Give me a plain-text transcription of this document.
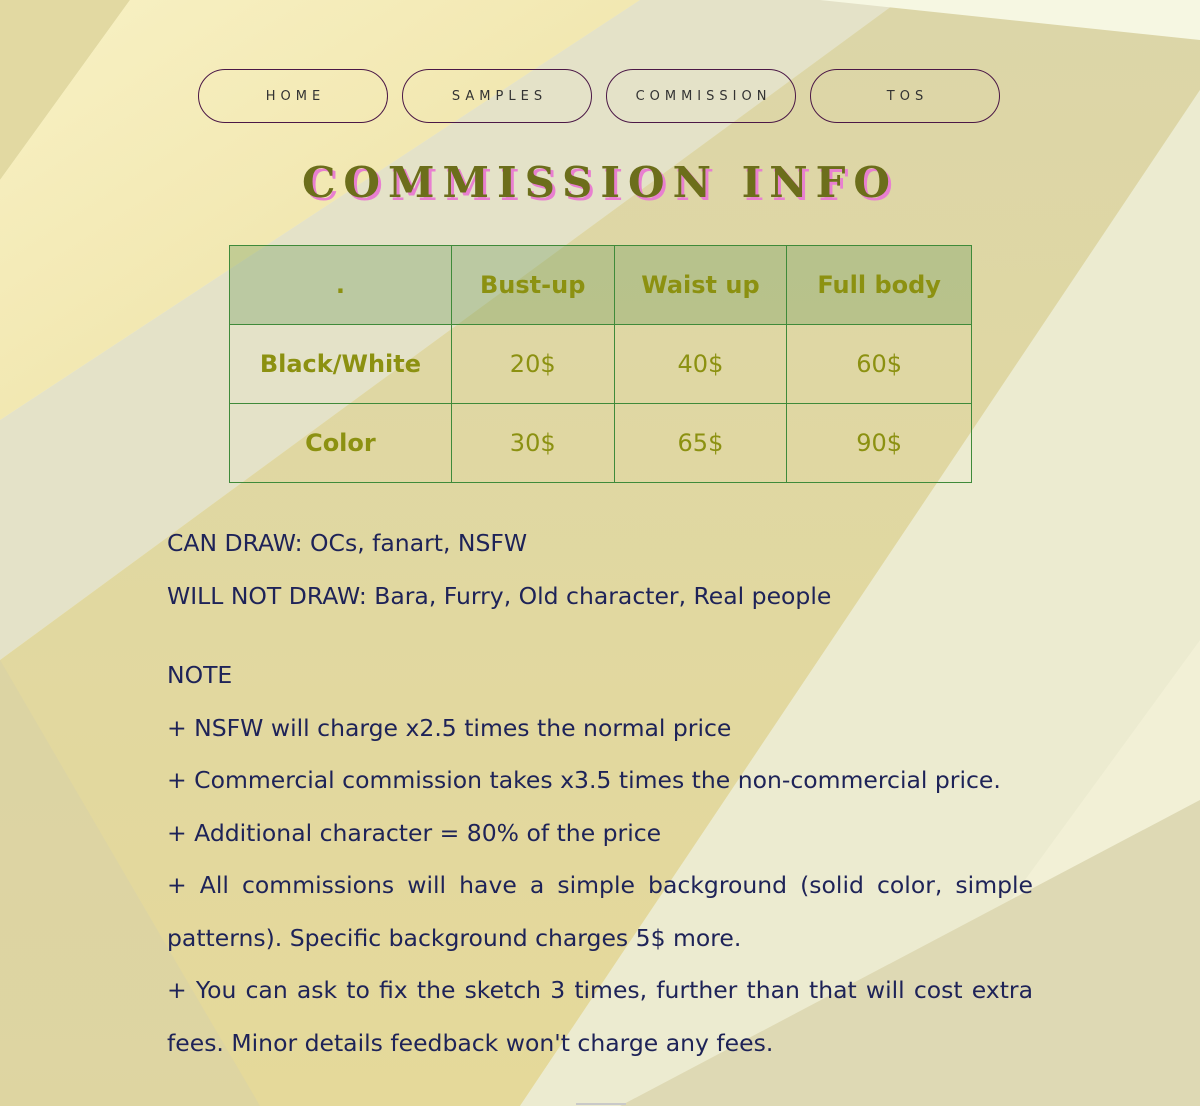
HOME	SAMPLES	COMMISSION	TOS
COMMISSION INFO
.	Bust-up	Waist up	Full body
Black/White	20$	40$	60$
Color	30$	65$	90$

CAN DRAW: OCs, fanart, NSFW

WILL NOT DRAW: Bara, Furry, Old character, Real people

NOTE

+ NSFW will charge x2.5 times the normal price

+ Commercial commission takes x3.5 times the non-commercial price.

+ Additional character = 80% of the price

+ All commissions will have a simple background (solid color, simple patterns). Specific background charges 5$ more.

+ You can ask to fix the sketch 3 times, further than that will cost extra fees. Minor details feedback won't charge any fees.
